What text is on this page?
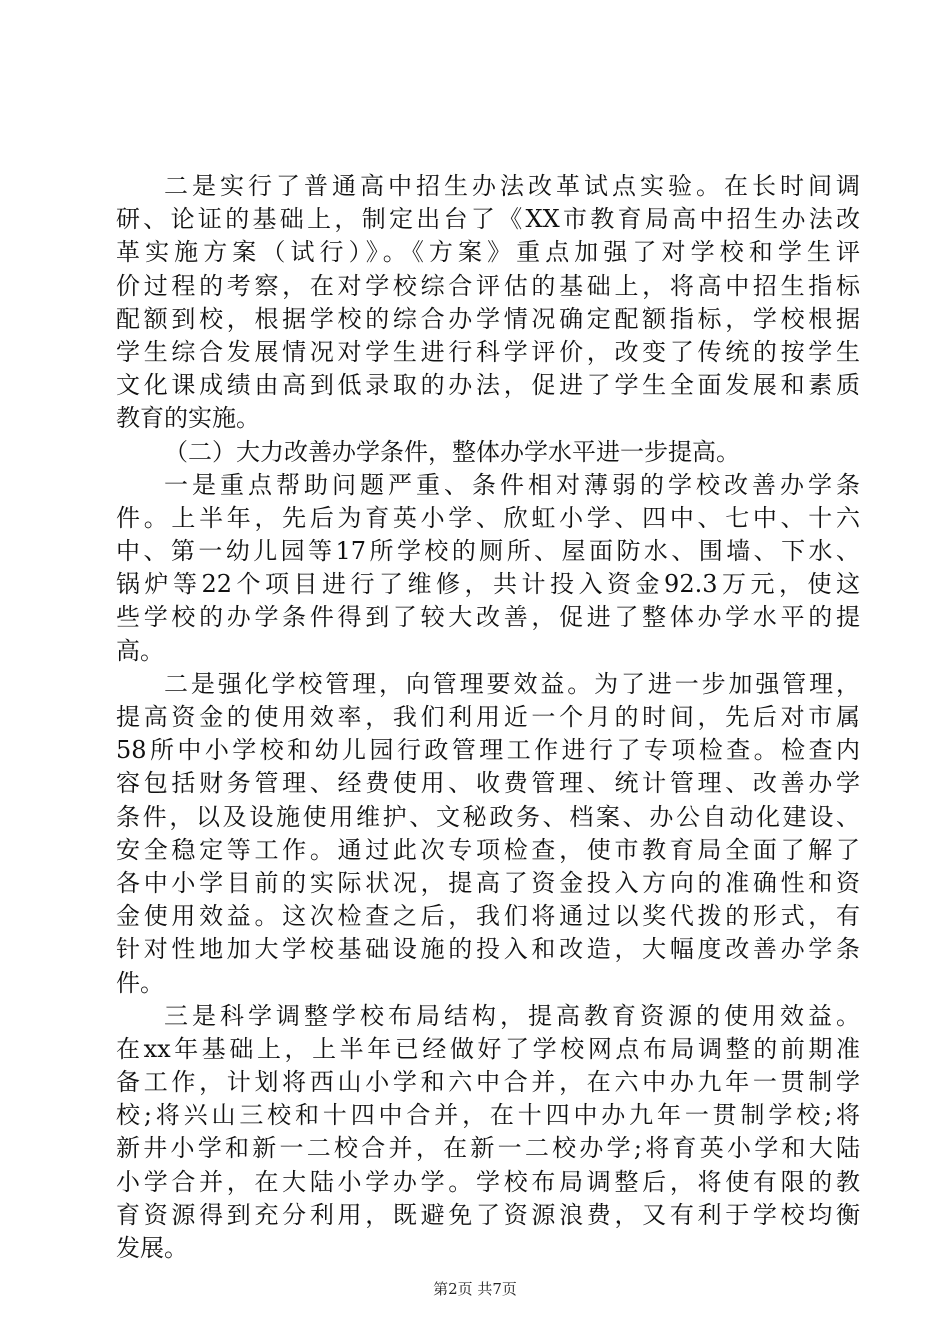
二是实行了普通高中招生办法改革试点实验。在长时间调
研、论证的基础上，制定出台了《XX市教育局高中招生办法改
革实施方案（试行）》。《方案》重点加强了对学校和学生评
价过程的考察，在对学校综合评估的基础上，将高中招生指标
配额到校，根据学校的综合办学情况确定配额指标，学校根据
学生综合发展情况对学生进行科学评价，改变了传统的按学生
文化课成绩由高到低录取的办法，促进了学生全面发展和素质
教育的实施。
（二）大力改善办学条件，整体办学水平进一步提高。
一是重点帮助问题严重、条件相对薄弱的学校改善办学条
件。上半年，先后为育英小学、欣虹小学、四中、七中、十六
中、第一幼儿园等17所学校的厕所、屋面防水、围墙、下水、
锅炉等22个项目进行了维修，共计投入资金92.3万元，使这
些学校的办学条件得到了较大改善，促进了整体办学水平的提
高。
二是强化学校管理，向管理要效益。为了进一步加强管理，
提高资金的使用效率，我们利用近一个月的时间，先后对市属
58所中小学校和幼儿园行政管理工作进行了专项检查。检查内
容包括财务管理、经费使用、收费管理、统计管理、改善办学
条件，以及设施使用维护、文秘政务、档案、办公自动化建设、
安全稳定等工作。通过此次专项检查，使市教育局全面了解了
各中小学目前的实际状况，提高了资金投入方向的准确性和资
金使用效益。这次检查之后，我们将通过以奖代拨的形式，有
针对性地加大学校基础设施的投入和改造，大幅度改善办学条
件。
三是科学调整学校布局结构，提高教育资源的使用效益。
在xx年基础上，上半年已经做好了学校网点布局调整的前期准
备工作，计划将西山小学和六中合并，在六中办九年一贯制学
校;将兴山三校和十四中合并，在十四中办九年一贯制学校;将
新井小学和新一二校合并，在新一二校办学;将育英小学和大陆
小学合并，在大陆小学办学。学校布局调整后，将使有限的教
育资源得到充分利用，既避免了资源浪费，又有利于学校均衡
发展。
第2页 共7页
